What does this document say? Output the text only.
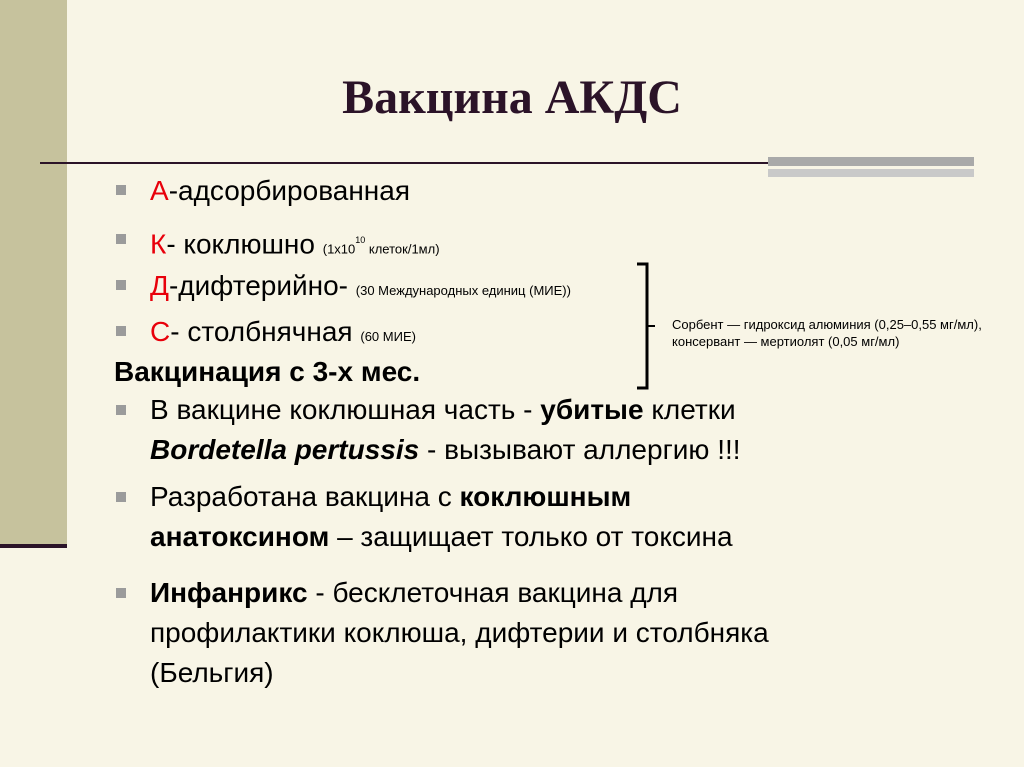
Вакцина АКДС
А-адсорбированная
К- коклюшно ($1х10^{10}$ клеток/1мл)
Д-дифтерийно- (30 Международных единиц (МИЕ))
С- столбнячная (60 МИЕ)
Вакцинация с 3-х мес.
Сорбент — гидроксид алюминия (0,25–0,55 мг/мл),
консервант — мертиолят (0,05 мг/мл)
В вакцине коклюшная часть - убитые клетки
Bordetella pertussis - вызывают аллергию !!!
Разработана вакцина с коклюшным
анатоксином – защищает только от токсина
Инфанрикс - бесклеточная вакцина для
профилактики коклюша, дифтерии и столбняка
(Бельгия)
